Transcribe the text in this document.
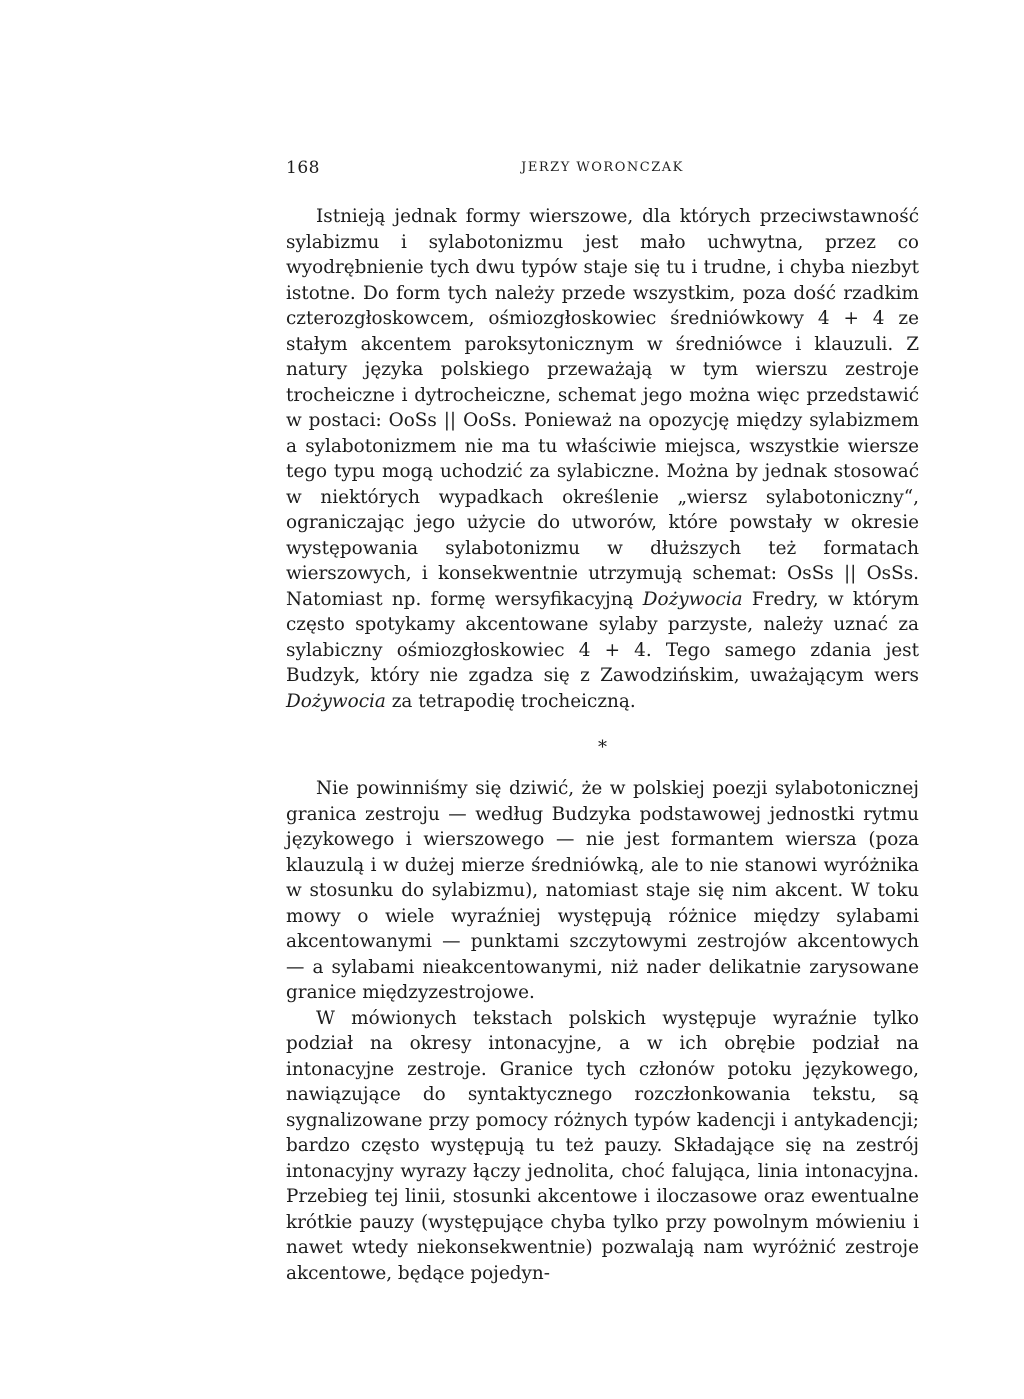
168	JERZY WORONCZAK

Istnieją jednak formy wierszowe, dla których przeciwstawność sylabizmu i sylabotonizmu jest mało uchwytna, przez co wyodrębnienie tych dwu typów staje się tu i trudne, i chyba niezbyt istotne. Do form tych należy przede wszystkim, poza dość rzadkim czterozgłoskowcem, ośmiozgłoskowiec średniówkowy 4 + 4 ze stałym akcentem paroksytonicznym w średniówce i klauzuli. Z natury języka polskiego przeważają w tym wierszu zestroje trocheiczne i dytrocheiczne, schemat jego można więc przedstawić w postaci: OoSs || OoSs. Ponieważ na opozycję między sylabizmem a sylabotonizmem nie ma tu właściwie miejsca, wszystkie wiersze tego typu mogą uchodzić za sylabiczne. Można by jednak stosować w niektórych wypadkach określenie „wiersz sylabotoniczny“, ograniczając jego użycie do utworów, które powstały w okresie występowania sylabotonizmu w dłuższych też formatach wierszowych, i konsekwentnie utrzymują schemat: OsSs || OsSs. Natomiast np. formę wersyfikacyjną Dożywocia Fredry, w którym często spotykamy akcentowane sylaby parzyste, należy uznać za sylabiczny ośmiozgłoskowiec 4 + 4. Tego samego zdania jest Budzyk, który nie zgadza się z Zawodzińskim, uważającym wers Dożywocia za tetrapodię trocheiczną.

*

Nie powinniśmy się dziwić, że w polskiej poezji sylabotonicznej granica zestroju — według Budzyka podstawowej jednostki rytmu językowego i wierszowego — nie jest formantem wiersza (poza klauzulą i w dużej mierze średniówką, ale to nie stanowi wyróżnika w stosunku do sylabizmu), natomiast staje się nim akcent. W toku mowy o wiele wyraźniej występują różnice między sylabami akcentowanymi — punktami szczytowymi zestrojów akcentowych — a sylabami nieakcentowanymi, niż nader delikatnie zarysowane granice międzyzestrojowe.

W mówionych tekstach polskich występuje wyraźnie tylko podział na okresy intonacyjne, a w ich obrębie podział na intonacyjne zestroje. Granice tych członów potoku językowego, nawiązujące do syntaktycznego rozczłonkowania tekstu, są sygnalizowane przy pomocy różnych typów kadencji i antykadencji; bardzo często występują tu też pauzy. Składające się na zestrój intonacyjny wyrazy łączy jednolita, choć falująca, linia intonacyjna. Przebieg tej linii, stosunki akcentowe i iloczasowe oraz ewentualne krótkie pauzy (występujące chyba tylko przy powolnym mówieniu i nawet wtedy niekonsekwentnie) pozwalają nam wyróżnić zestroje akcentowe, będące pojedyn-
